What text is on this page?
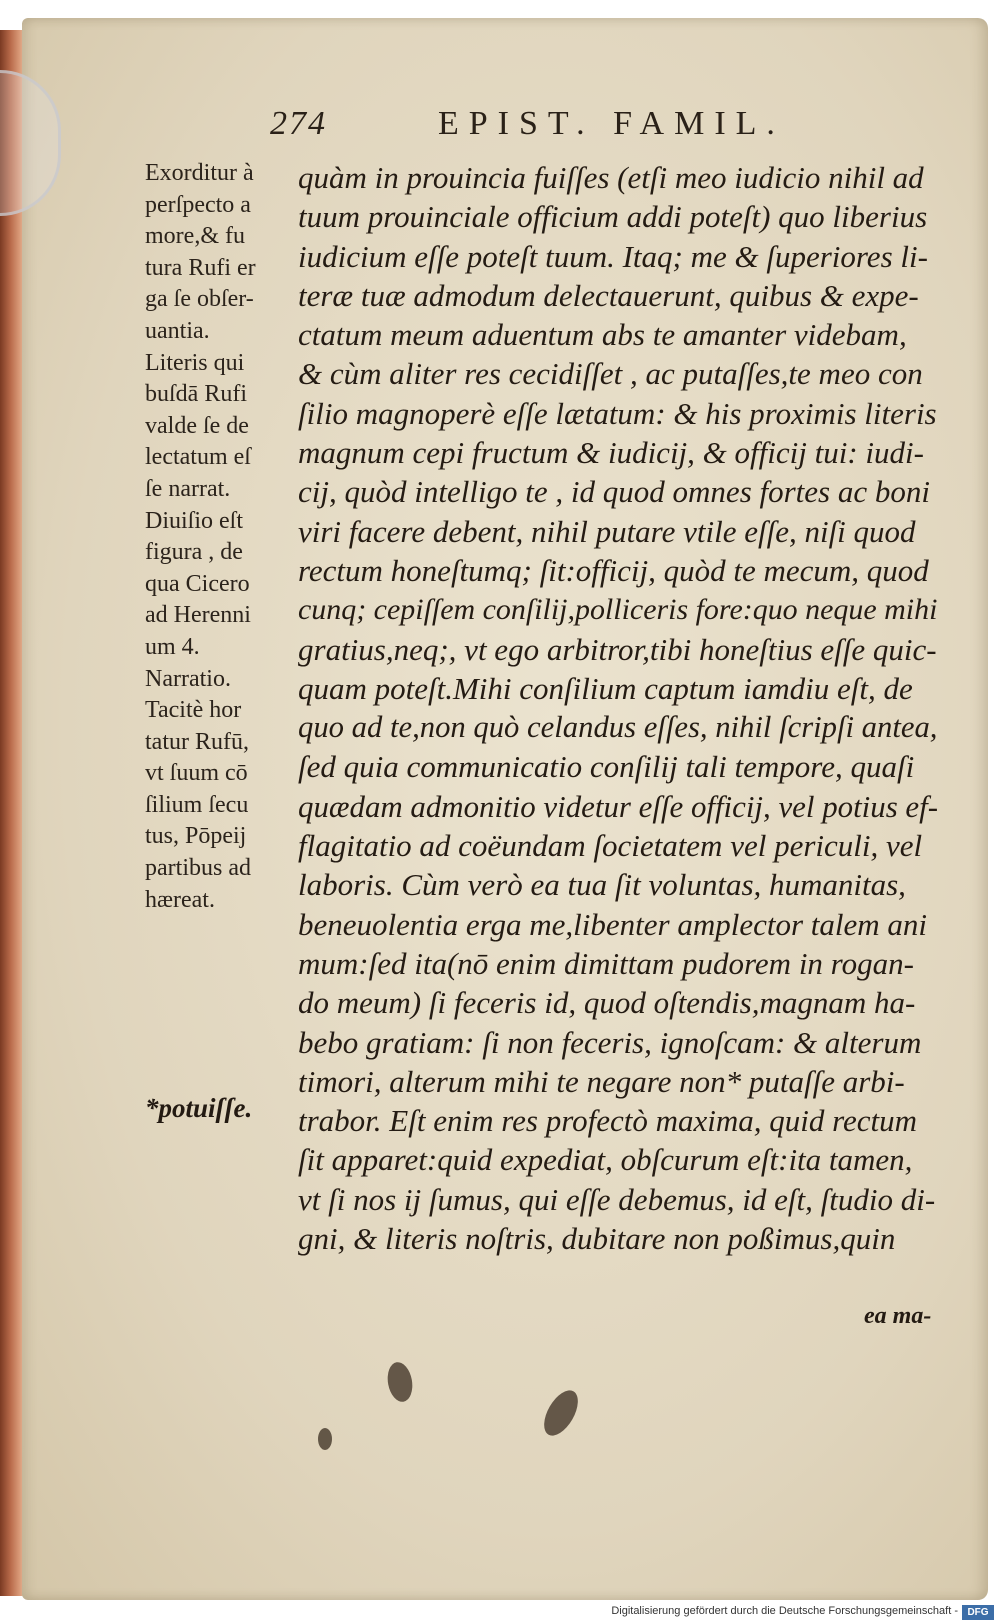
274	EPIST. FAMIL.
Exorditur à
perſpecto a
more,& fu
tura Rufi er
ga ſe obſer-
uantia.
Literis qui
buſdā Rufi
valde ſe de
lectatum eſ
ſe narrat.
Diuiſio eſt
figura , de
qua Cicero
ad Herenni
um 4.
Narratio.
Tacitè hor
tatur Rufū,
vt ſuum cō
ſilium ſecu
tus, Pōpeij
partibus ad
hæreat.
*potuiſſe.
quàm in prouincia fuiſſes (etſi meo iudicio nihil ad
tuum prouinciale officium addi poteſt) quo liberius
iudicium eſſe poteſt tuum. Itaq; me & ſuperiores li-
teræ tuæ admodum delectauerunt, quibus & expe-
ctatum meum aduentum abs te amanter videbam,
& cùm aliter res cecidiſſet , ac putaſſes,te meo con
ſilio magnoperè eſſe lætatum: & his proximis literis
magnum cepi fructum & iudicij, & officij tui: iudi-
cij, quòd intelligo te , id quod omnes fortes ac boni
viri facere debent, nihil putare vtile eſſe, niſi quod
rectum honeſtumq; ſit:officij, quòd te mecum, quod
cunq; cepiſſem conſilij,polliceris fore:quo neque mihi
gratius,neq;, vt ego arbitror,tibi honeſtius eſſe quic-
quam poteſt.Mihi conſilium captum iamdiu eſt, de
quo ad te,non quò celandus eſſes, nihil ſcripſi antea,
ſed quia communicatio conſilij tali tempore, quaſi
quædam admonitio videtur eſſe officij, vel potius ef-
flagitatio ad coëundam ſocietatem vel periculi, vel
laboris. Cùm verò ea tua ſit voluntas, humanitas,
beneuolentia erga me,libenter amplector talem ani
mum:ſed ita(nō enim dimittam pudorem in rogan-
do meum) ſi feceris id, quod oſtendis,magnam ha-
bebo gratiam: ſi non feceris, ignoſcam: & alterum
timori, alterum mihi te negare non* putaſſe arbi-
trabor. Eſt enim res profectò maxima, quid rectum
ſit apparet:quid expediat, obſcurum eſt:ita tamen,
vt ſi nos ij ſumus, qui eſſe debemus, id eſt, ſtudio di-
gni, & literis noſtris, dubitare non poßimus,quin
ea ma-
Digitalisierung gefördert durch die Deutsche Forschungsgemeinschaft - DFG
